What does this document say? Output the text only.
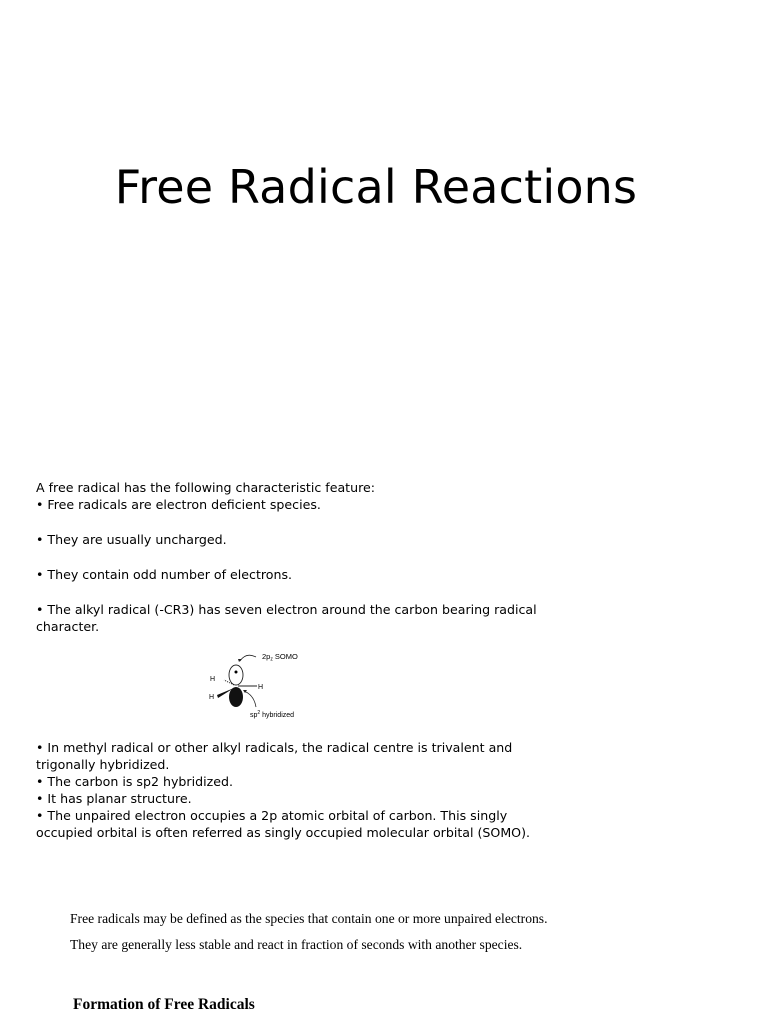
Free Radical Reactions

A free radical has the following characteristic feature:

• Free radicals are electron deficient species.

• They are usually uncharged.

• They contain odd number of electrons.

• The alkyl radical (-CR3) has seven electron around the carbon bearing radical character.

H
H
H
$2p_z$ SOMO
$sp^2$ hybridized

• In methyl radical or other alkyl radicals, the radical centre is trivalent and trigonally hybridized.

• The carbon is sp2 hybridized.

• It has planar structure.

• The unpaired electron occupies a 2p atomic orbital of carbon. This singly occupied orbital is often referred as singly occupied molecular orbital (SOMO).

Free radicals may be defined as the species that contain one or more unpaired electrons.

They are generally less stable and react in fraction of seconds with another species.

Formation of Free Radicals
